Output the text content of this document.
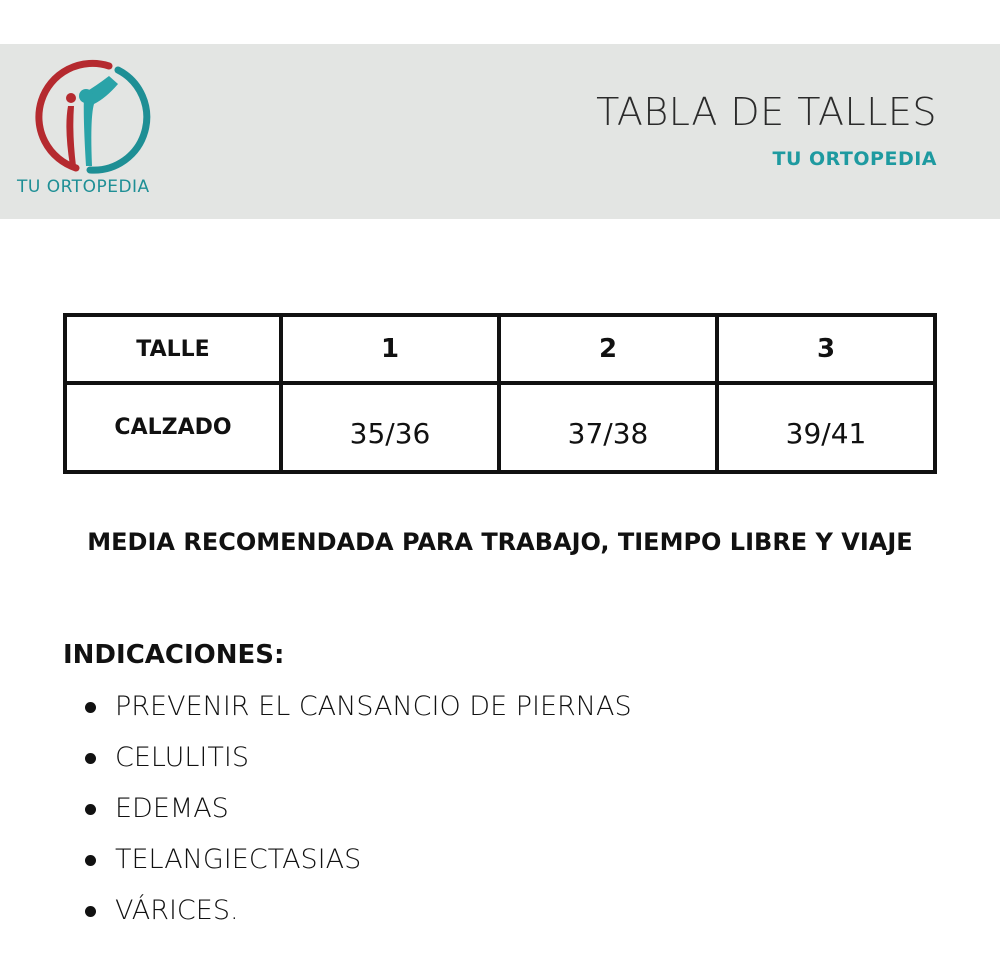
TU ORTOPEDIA
TABLA DE TALLES
TU ORTOPEDIA
TALLE	1	2	3
CALZADO	35/36	37/38	39/41
MEDIA RECOMENDADA PARA TRABAJO, TIEMPO LIBRE Y VIAJE
INDICACIONES:
PREVENIR EL CANSANCIO DE PIERNAS
CELULITIS
EDEMAS
TELANGIECTASIAS
VÁRICES.
